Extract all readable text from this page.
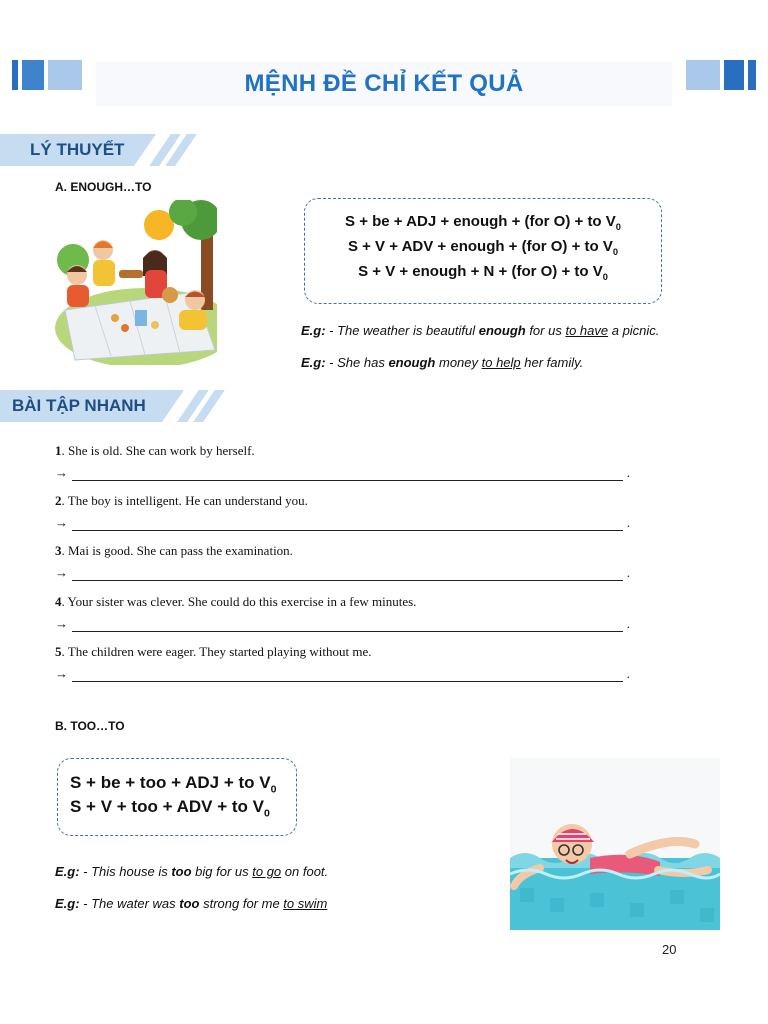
MỆNH ĐỀ CHỈ KẾT QUẢ
LÝ THUYẾT
A. ENOUGH…TO
S + be + ADJ + enough + (for O) + to $V_0$
S + V + ADV + enough + (for O) + to $V_0$
S + V + enough + N + (for O) + to $V_0$
E.g: - The weather is beautiful enough for us to have a picnic.
E.g: - She has enough money to help her family.
BÀI TẬP NHANH
1. She is old. She can work by herself.
→	.
2. The boy is intelligent. He can understand you.
→	.
3. Mai is good. She can pass the examination.
→	.
4. Your sister was clever. She could do this exercise in a few minutes.
→	.
5. The children were eager. They started playing without me.
→	.
B. TOO…TO
S + be + too + ADJ + to $V_0$
S + V + too + ADV + to $V_0$
E.g: - This house is too big for us to go on foot.
E.g: - The water was too strong for me to swim
20
